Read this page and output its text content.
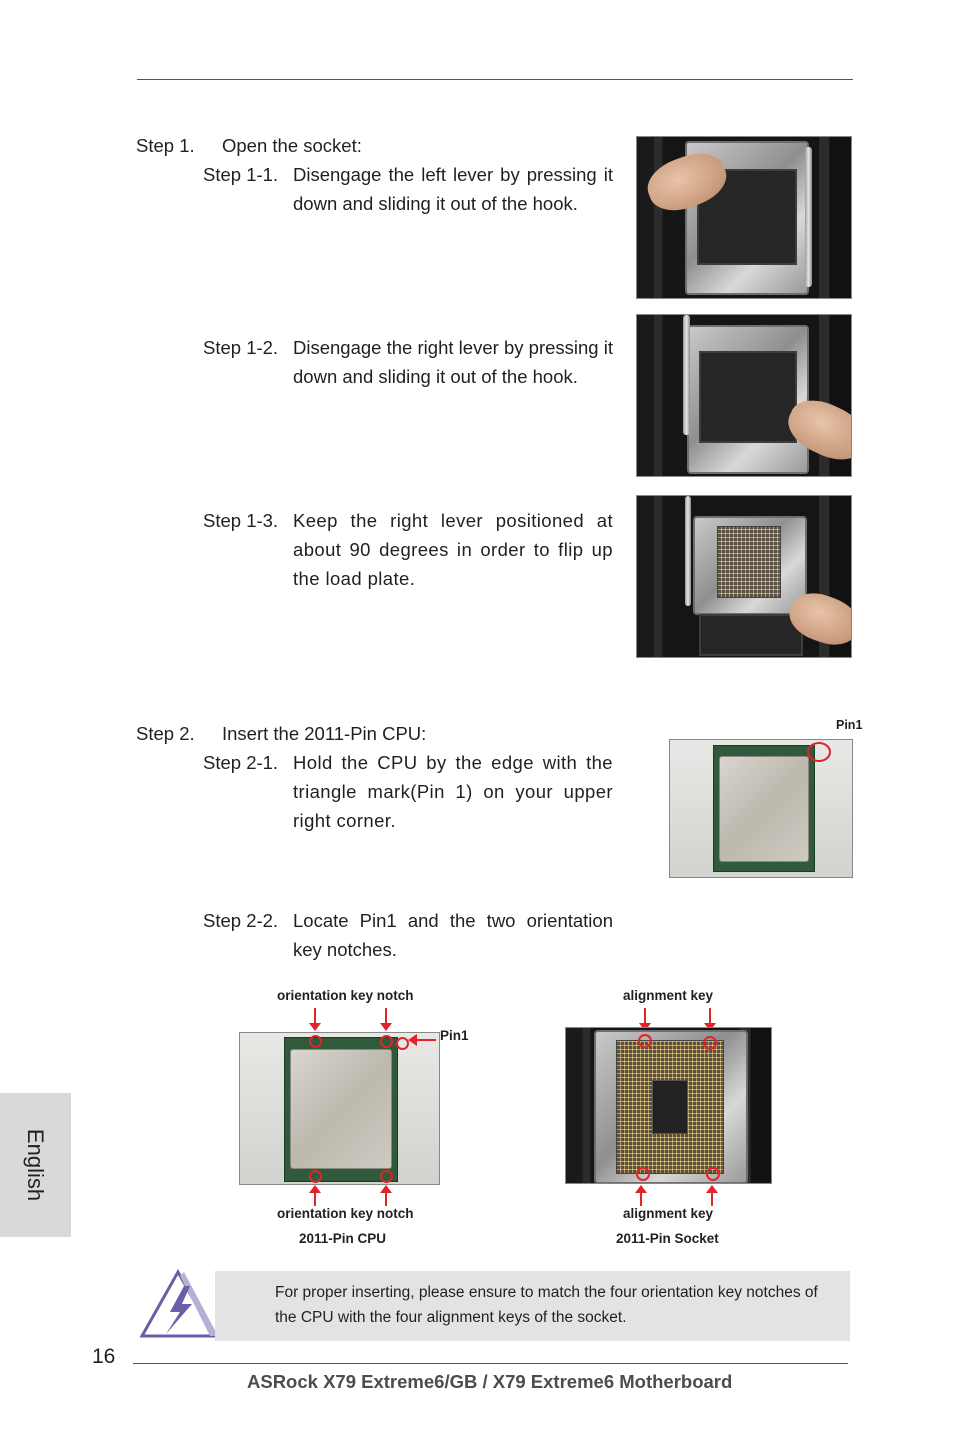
Step 1. Open the socket:
Step 1-1. Disengage the left lever by pressing it down and sliding it out of the hook.
Step 1-2. Disengage the right lever by pressing it down and sliding it out of the hook.
Step 1-3. Keep the right lever positioned at about 90 degrees in order to flip up the load plate.
Step 2. Insert the 2011-Pin CPU:
Step 2-1. Hold the CPU by the edge with the triangle mark(Pin 1) on your upper right corner.
Step 2-2. Locate Pin1 and the two orientation key notches.
Pin1
orientation key notch
Pin1
orientation key notch
2011-Pin CPU
alignment key
alignment key
2011-Pin Socket
English
For proper inserting, please ensure to match the four orientation key notches of the CPU with the four alignment keys of the socket.
16
ASRock X79 Extreme6/GB / X79 Extreme6 Motherboard
